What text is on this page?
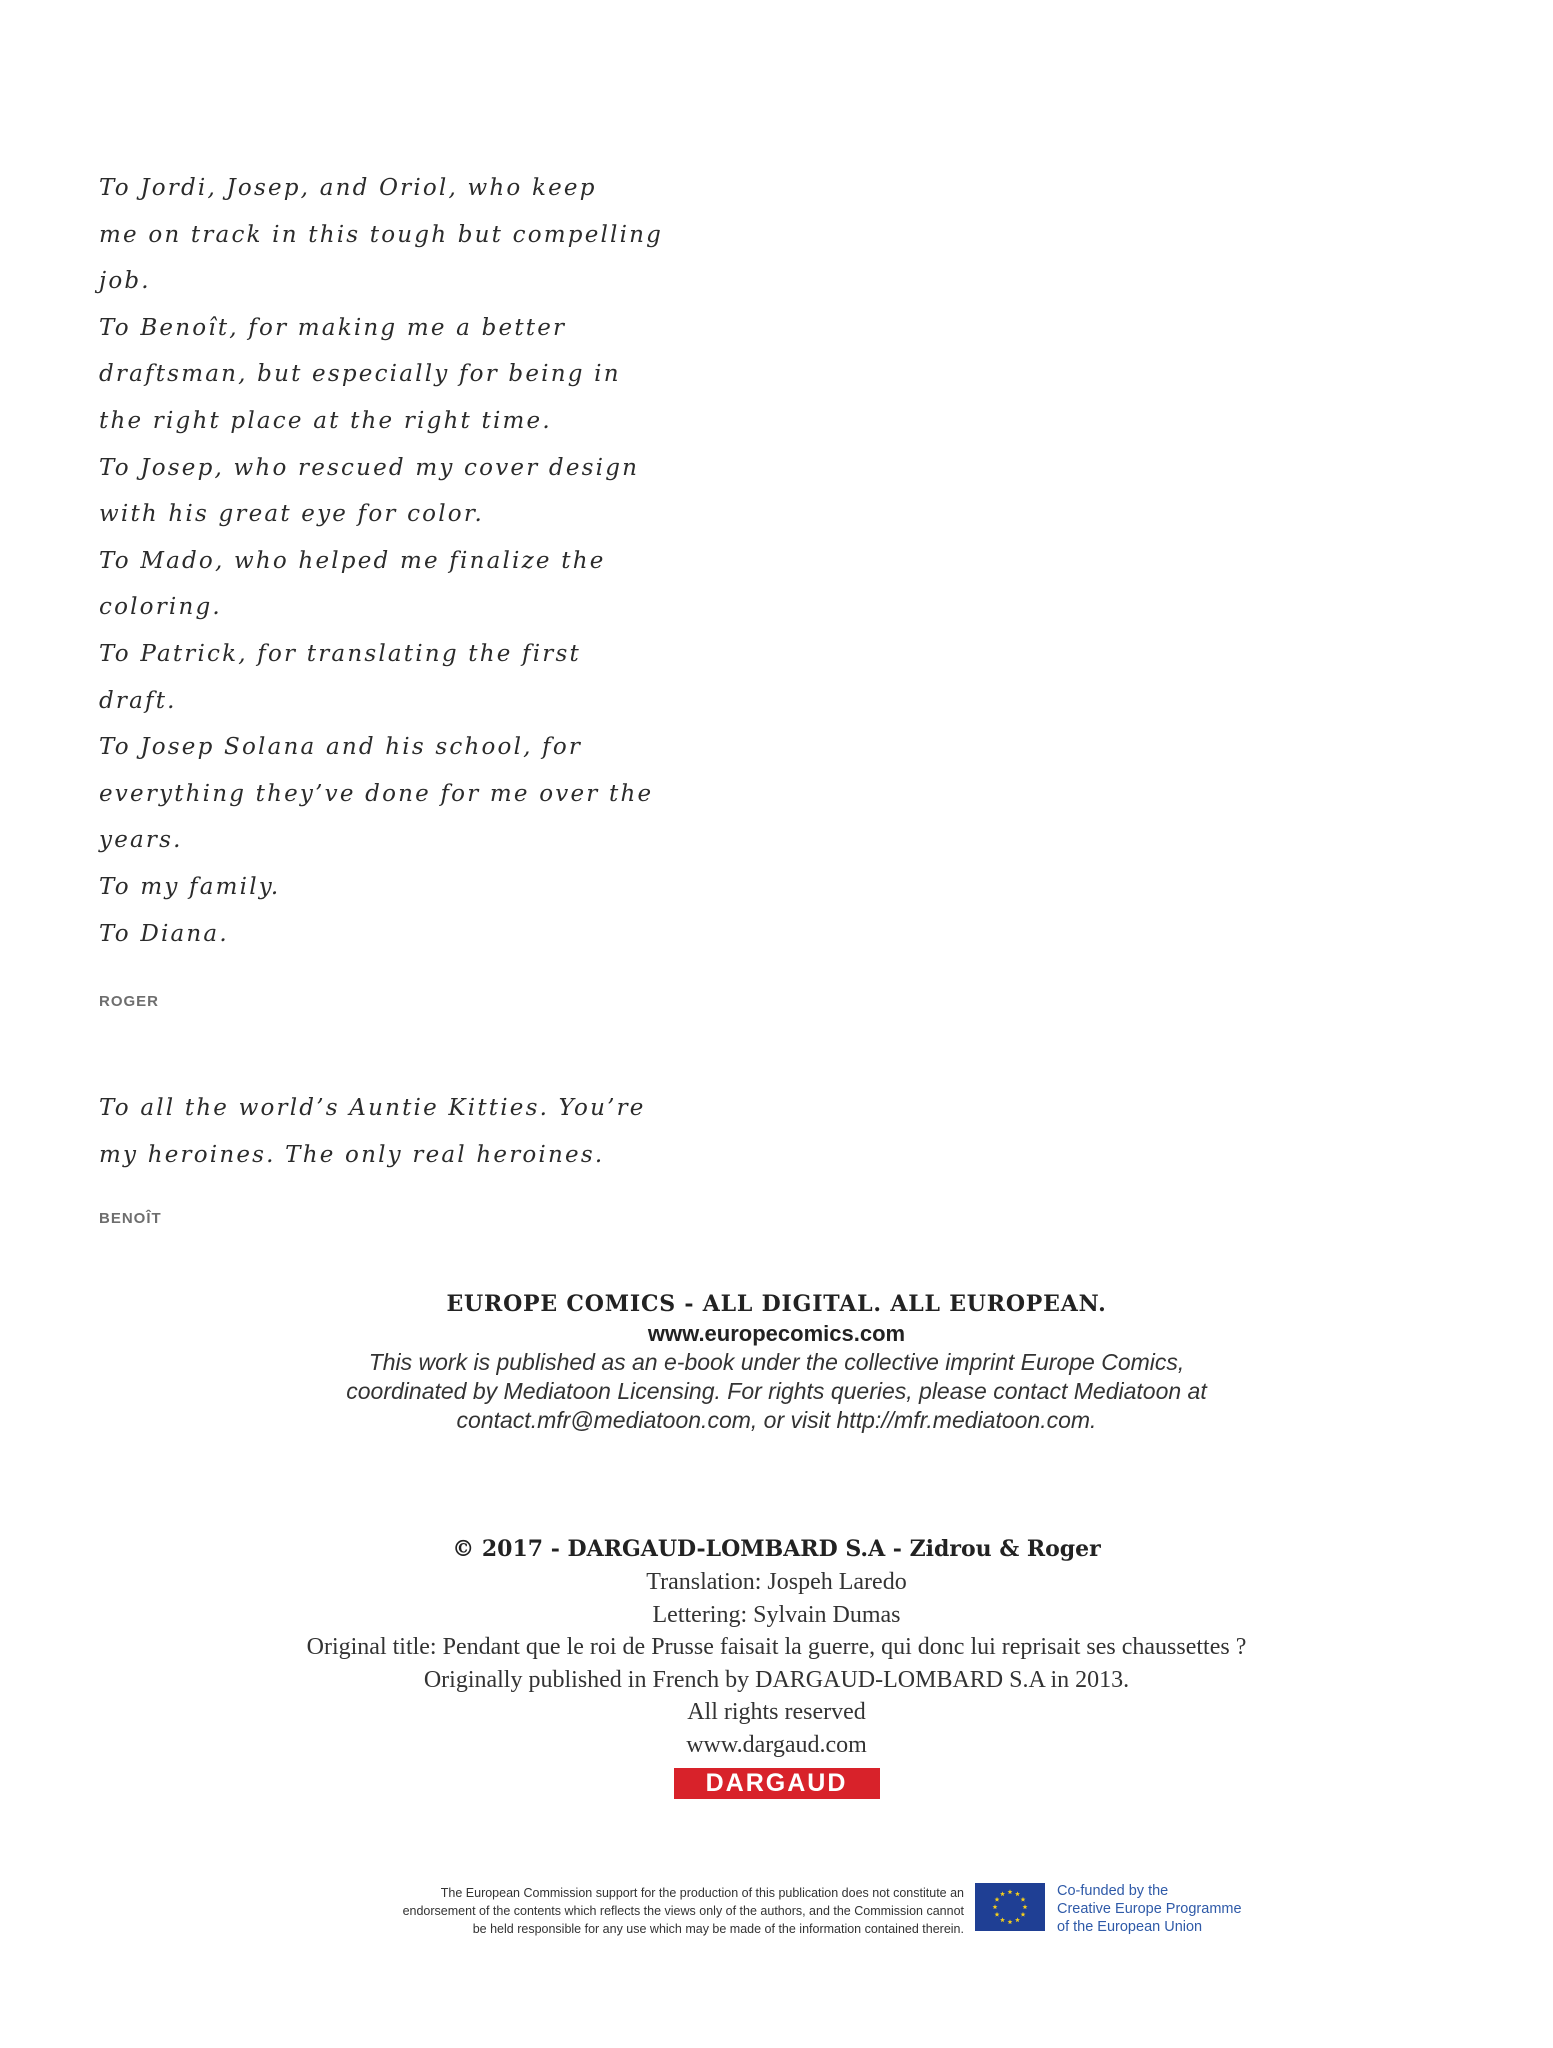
To Jordi, Josep, and Oriol, who keep
me on track in this tough but compelling
job.
To Benoît, for making me a better
draftsman, but especially for being in
the right place at the right time.
To Josep, who rescued my cover design
with his great eye for color.
To Mado, who helped me finalize the
coloring.
To Patrick, for translating the first
draft.
To Josep Solana and his school, for
everything they’ve done for me over the
years.
To my family.
To Diana.
ROGER
To all the world’s Auntie Kitties. You’re
my heroines. The only real heroines.
BENOÎT
EUROPE COMICS - ALL DIGITAL. ALL EUROPEAN.
www.europecomics.com
This work is published as an e-book under the collective imprint Europe Comics,
coordinated by Mediatoon Licensing. For rights queries, please contact Mediatoon at
contact.mfr@mediatoon.com, or visit http://mfr.mediatoon.com.
© 2017 - DARGAUD-LOMBARD S.A - Zidrou & Roger
Translation: Jospeh Laredo
Lettering: Sylvain Dumas
Original title: Pendant que le roi de Prusse faisait la guerre, qui donc lui reprisait ses chaussettes ?
Originally published in French by DARGAUD-LOMBARD S.A in 2013.
All rights reserved
www.dargaud.com
DARGAUD
The European Commission support for the production of this publication does not constitute an
endorsement of the contents which reflects the views only of the authors, and the Commission cannot
be held responsible for any use which may be made of the information contained therein.
Co-funded by the
Creative Europe Programme
of the European Union
